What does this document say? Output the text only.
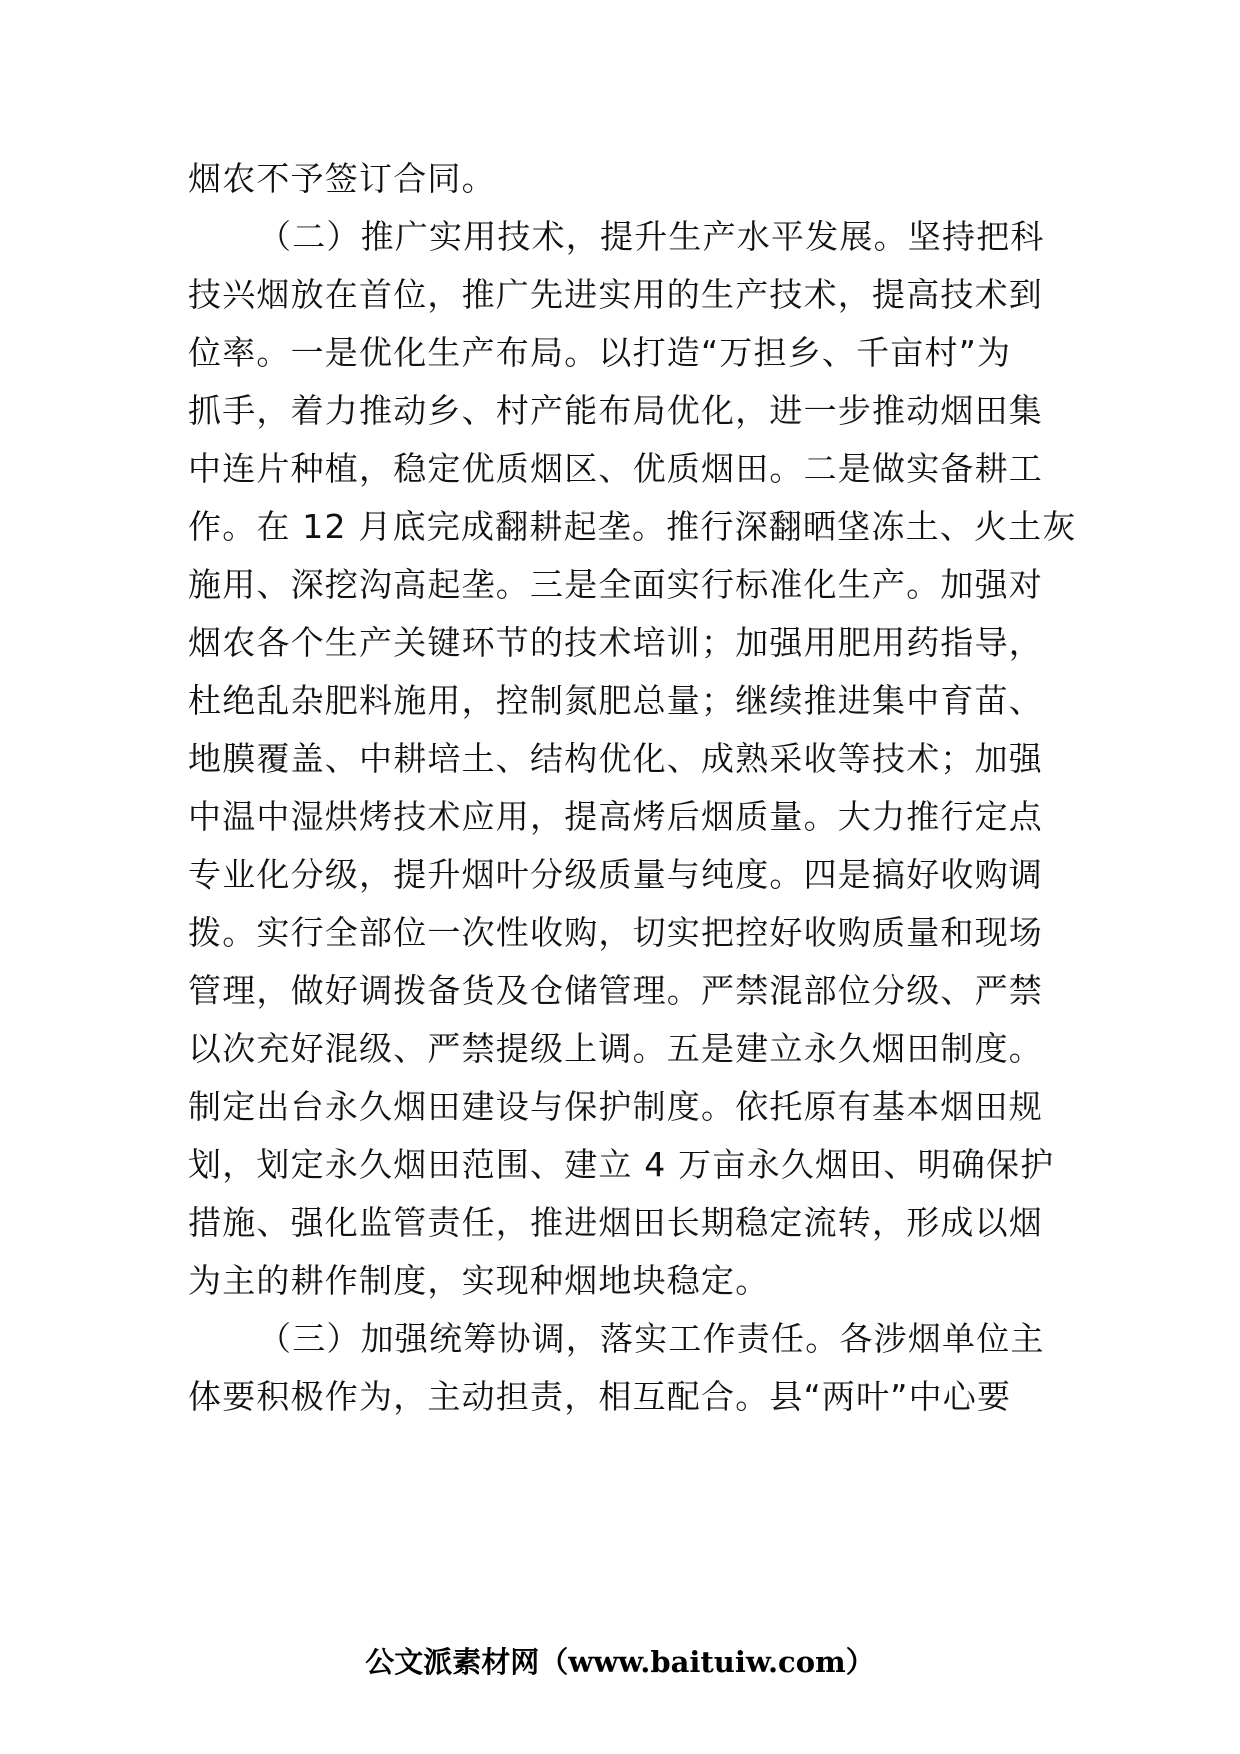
烟农不予签订合同。
（二）推广实用技术，提升生产水平发展。坚持把科
技兴烟放在首位，推广先进实用的生产技术，提高技术到
位率。一是优化生产布局。以打造“万担乡、千亩村”为
抓手，着力推动乡、村产能布局优化，进一步推动烟田集
中连片种植，稳定优质烟区、优质烟田。二是做实备耕工
作。在 12 月底完成翻耕起垄。推行深翻晒垡冻土、火土灰
施用、深挖沟高起垄。三是全面实行标准化生产。加强对
烟农各个生产关键环节的技术培训；加强用肥用药指导，
杜绝乱杂肥料施用，控制氮肥总量；继续推进集中育苗、
地膜覆盖、中耕培土、结构优化、成熟采收等技术；加强
中温中湿烘烤技术应用，提高烤后烟质量。大力推行定点
专业化分级，提升烟叶分级质量与纯度。四是搞好收购调
拨。实行全部位一次性收购，切实把控好收购质量和现场
管理，做好调拨备货及仓储管理。严禁混部位分级、严禁
以次充好混级、严禁提级上调。五是建立永久烟田制度。
制定出台永久烟田建设与保护制度。依托原有基本烟田规
划，划定永久烟田范围、建立 4 万亩永久烟田、明确保护
措施、强化监管责任，推进烟田长期稳定流转，形成以烟
为主的耕作制度，实现种烟地块稳定。
（三）加强统筹协调，落实工作责任。各涉烟单位主
体要积极作为，主动担责，相互配合。县“两叶”中心要
公文派素材网（www.baituiw.com）
